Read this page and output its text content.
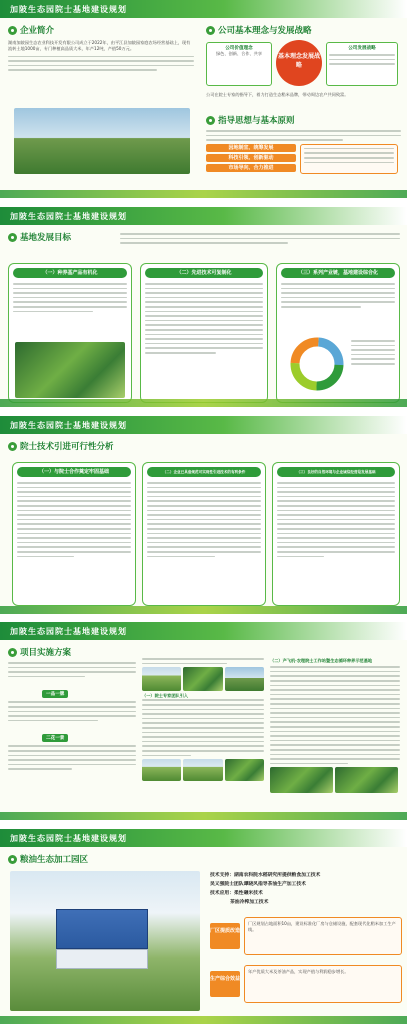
加陂生态园院士基地建设规划
企业简介
湖南加陂园生态农业科技开发有限公司成立于2022年，由平江县加陂园家庭农场经营基础上，现有流转土地1000亩，专门种植高品质大米，年产12吨，产值50万元。
公司基本理念与发展战略
公司价值理念
绿色、创新、合作、共享	基本理念发展战略
公司发展战略
公司在院士专家的指导下，着力打造生态稻米品牌，带动周边农户共同致富。
指导思想与基本原则
因地制宜、统筹发展
科技引领、创新驱动
市场导向、合力推进
加陂生态园院士基地建设规划
基地发展目标
（一）种养基产品有机化	（二）先进技术可复制化	（三）系列产业链，基地建设综合化
加陂生态园院士基地建设规划
院士技术引进可行性分析
（一）与院士合作奠定牢固基础	（二）企业已具备规范可实现性引进技术的有利条件	（三）良好的自然环境与企业诚信经营是发展基础
加陂生态园院士基地建设规划
项目实施方案
一品一牌
二花一景
（一）院士专家团队引入
（二）产飞机·农理院士工作站暨生态循环种养示范基地
加陂生态园院士基地建设规划
粮油生态加工园区
技术支持：湖南农科院水稻研究所提供粮食加工技术
吴义强院士团队谭晓风指导茶油生产加工技术
技术应用：柔性碾米技术
茶油冷榨加工技术
厂区提质改造
厂区规划占地面积10亩，建设标准化厂房与仓储设施，配套现代化稻米加工生产线。
生产综合效益
年产优质大米及茶油产品，实现产值与利润稳步增长。
